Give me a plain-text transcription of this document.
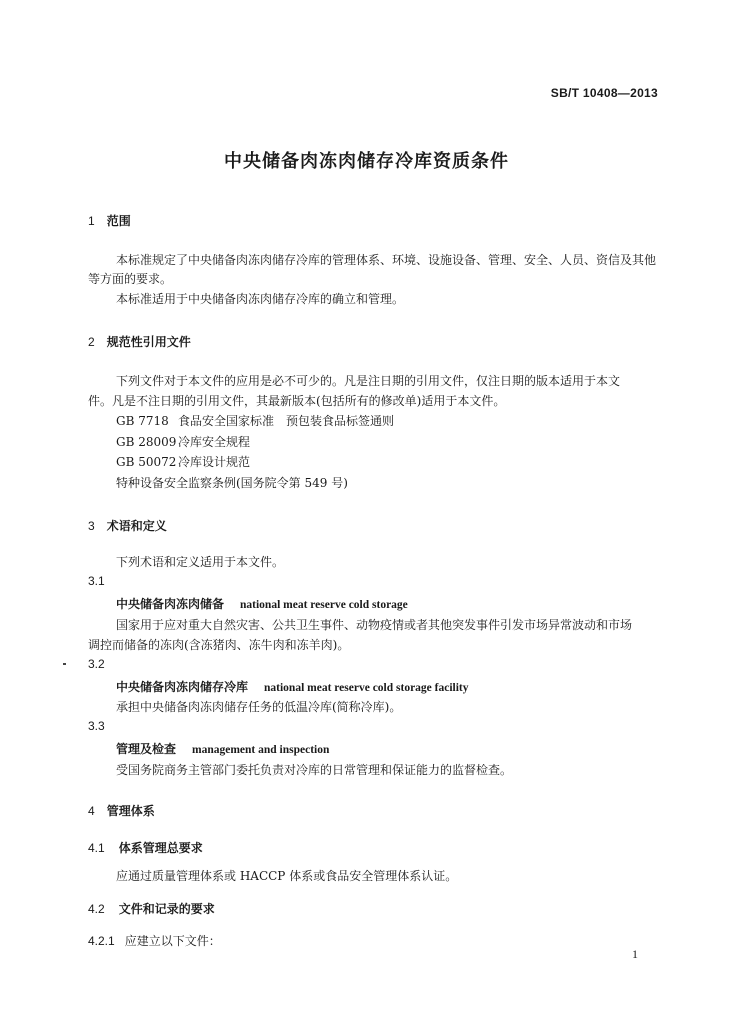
SB/T 10408—2013
中央储备肉冻肉储存冷库资质条件
1 范围
本标准规定了中央储备肉冻肉储存冷库的管理体系、环境、设施设备、管理、安全、人员、资信及其他
等方面的要求。
本标准适用于中央储备肉冻肉储存冷库的确立和管理。
2 规范性引用文件
下列文件对于本文件的应用是必不可少的。凡是注日期的引用文件，仅注日期的版本适用于本文
件。凡是不注日期的引用文件，其最新版本(包括所有的修改单)适用于本文件。
GB 7718 食品安全国家标准　预包装食品标签通则
GB 28009 冷库安全规程
GB 50072 冷库设计规范
特种设备安全监察条例(国务院令第 549 号)
3 术语和定义
下列术语和定义适用于本文件。
3.1
中央储备肉冻肉储备 national meat reserve cold storage
国家用于应对重大自然灾害、公共卫生事件、动物疫情或者其他突发事件引发市场异常波动和市场
调控而储备的冻肉(含冻猪肉、冻牛肉和冻羊肉)。
3.2
中央储备肉冻肉储存冷库 national meat reserve cold storage facility
承担中央储备肉冻肉储存任务的低温冷库(简称冷库)。
3.3
管理及检查 management and inspection
受国务院商务主管部门委托负责对冷库的日常管理和保证能力的监督检查。
4 管理体系
4.1 体系管理总要求
应通过质量管理体系或 HACCP 体系或食品安全管理体系认证。
4.2 文件和记录的要求
4.2.1 应建立以下文件：
1
